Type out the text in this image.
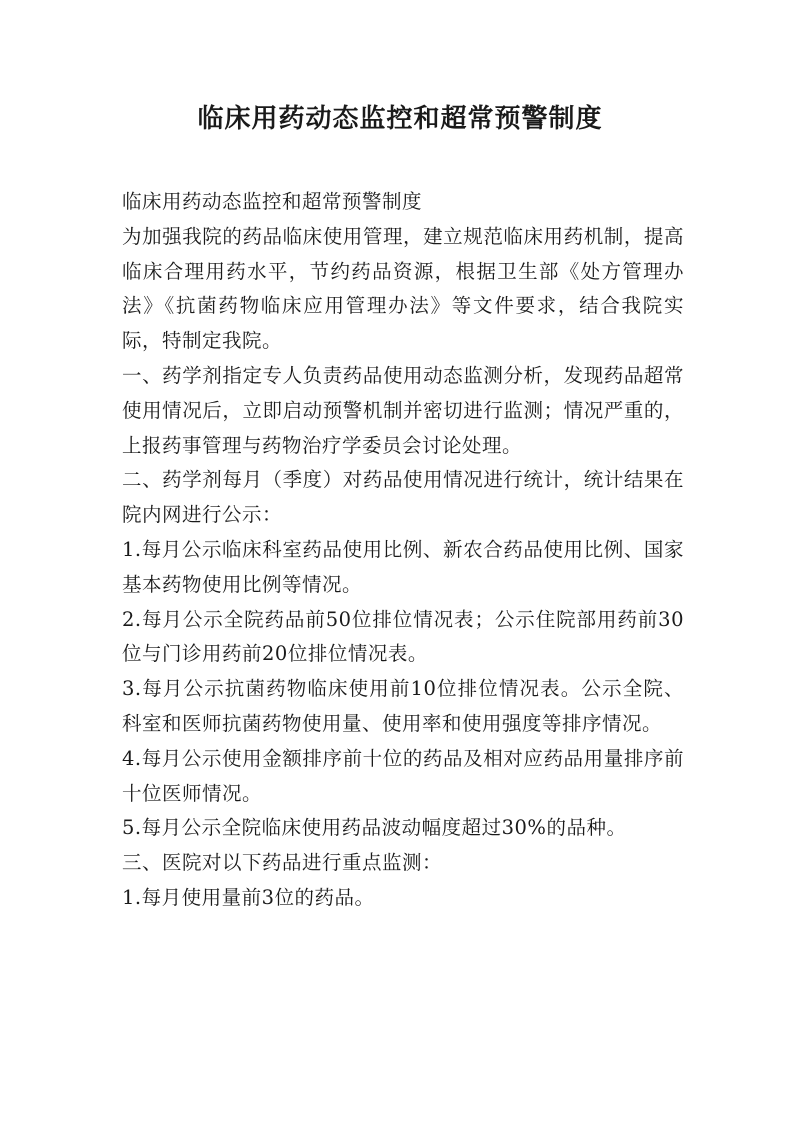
临床用药动态监控和超常预警制度

临床用药动态监控和超常预警制度

为加强我院的药品临床使用管理，建立规范临床用药机制，提高临床合理用药水平，节约药品资源，根据卫生部《处方管理办法》《抗菌药物临床应用管理办法》等文件要求，结合我院实际，特制定我院。

一、药学剂指定专人负责药品使用动态监测分析，发现药品超常使用情况后，立即启动预警机制并密切进行监测；情况严重的，上报药事管理与药物治疗学委员会讨论处理。

二、药学剂每月（季度）对药品使用情况进行统计，统计结果在院内网进行公示：

1.每月公示临床科室药品使用比例、新农合药品使用比例、国家基本药物使用比例等情况。

2.每月公示全院药品前50位排位情况表；公示住院部用药前30位与门诊用药前20位排位情况表。

3.每月公示抗菌药物临床使用前10位排位情况表。公示全院、科室和医师抗菌药物使用量、使用率和使用强度等排序情况。

4.每月公示使用金额排序前十位的药品及相对应药品用量排序前十位医师情况。

5.每月公示全院临床使用药品波动幅度超过30%的品种。

三、医院对以下药品进行重点监测：

1.每月使用量前3位的药品。
